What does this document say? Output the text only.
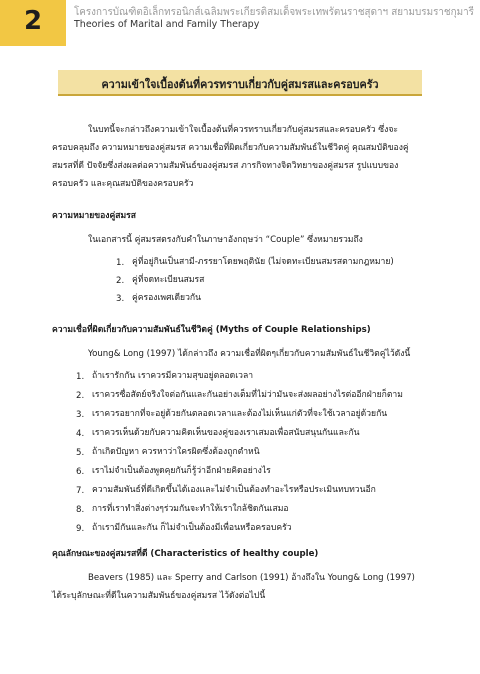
2	โครงการบัณฑิตอิเล็กทรอนิกส์เฉลิมพระเกียรติสมเด็จพระเทพรัตนราชสุดาฯ สยามบรมราชกุมารี
Theories of Marital and Family Therapy
ความเข้าใจเบื้องต้นที่ควรทราบเกี่ยวกับคู่สมรสและครอบครัว
ในบทนี้จะกล่าวถึงความเข้าใจเบื้องต้นที่ควรทราบเกี่ยวกับคู่สมรสและครอบครัว ซึ่งจะ
ครอบคลุมถึง ความหมายของคู่สมรส ความเชื่อที่ผิดเกี่ยวกับความสัมพันธ์ในชีวิตคู่ คุณสมบัติของคู่
สมรสที่ดี ปัจจัยซึ่งส่งผลต่อความสัมพันธ์ของคู่สมรส ภารกิจทางจิตวิทยาของคู่สมรส รูปแบบของ
ครอบครัว และคุณสมบัติของครอบครัว
ความหมายของคู่สมรส
ในเอกสารนี้ คู่สมรสตรงกับคำในภาษาอังกฤษว่า “Couple” ซึ่งหมายรวมถึง
1. คู่ที่อยู่กินเป็นสามี-ภรรยาโดยพฤตินัย (ไม่จดทะเบียนสมรสตามกฎหมาย)
2. คู่ที่จดทะเบียนสมรส
3. คู่ครองเพศเดียวกัน
ความเชื่อที่ผิดเกี่ยวกับความสัมพันธ์ในชีวิตคู่ (Myths of Couple Relationships)
Young& Long (1997) ได้กล่าวถึง ความเชื่อที่ผิดๆเกี่ยวกับความสัมพันธ์ในชีวิตคู่ไว้ดังนี้
1. ถ้าเรารักกัน เราควรมีความสุขอยู่ตลอดเวลา
2. เราควรซื่อสัตย์จริงใจต่อกันและกันอย่างเต็มที่ไม่ว่ามันจะส่งผลอย่างไรต่ออีกฝ่ายก็ตาม
3. เราควรอยากที่จะอยู่ด้วยกันตลอดเวลาและต้องไม่เห็นแก่ตัวที่จะใช้เวลาอยู่ด้วยกัน
4. เราควรเห็นด้วยกับความคิดเห็นของคู่ของเราเสมอเพื่อสนับสนุนกันและกัน
5. ถ้าเกิดปัญหา ควรหาว่าใครผิดซึ่งต้องถูกตำหนิ
6. เราไม่จำเป็นต้องพูดคุยกันก็รู้ว่าอีกฝ่ายคิดอย่างไร
7. ความสัมพันธ์ที่ดีเกิดขึ้นได้เองและไม่จำเป็นต้องทำอะไรหรือประเมินทบทวนอีก
8. การที่เราทำสิ่งต่างๆร่วมกันจะทำให้เราใกล้ชิดกันเสมอ
9. ถ้าเรามีกันและกัน ก็ไม่จำเป็นต้องมีเพื่อนหรือครอบครัว
คุณลักษณะของคู่สมรสที่ดี (Characteristics of healthy couple)
Beavers (1985) และ Sperry and Carlson (1991) อ้างถึงใน Young& Long (1997)
ได้ระบุลักษณะที่ดีในความสัมพันธ์ของคู่สมรส ไว้ดังต่อไปนี้
